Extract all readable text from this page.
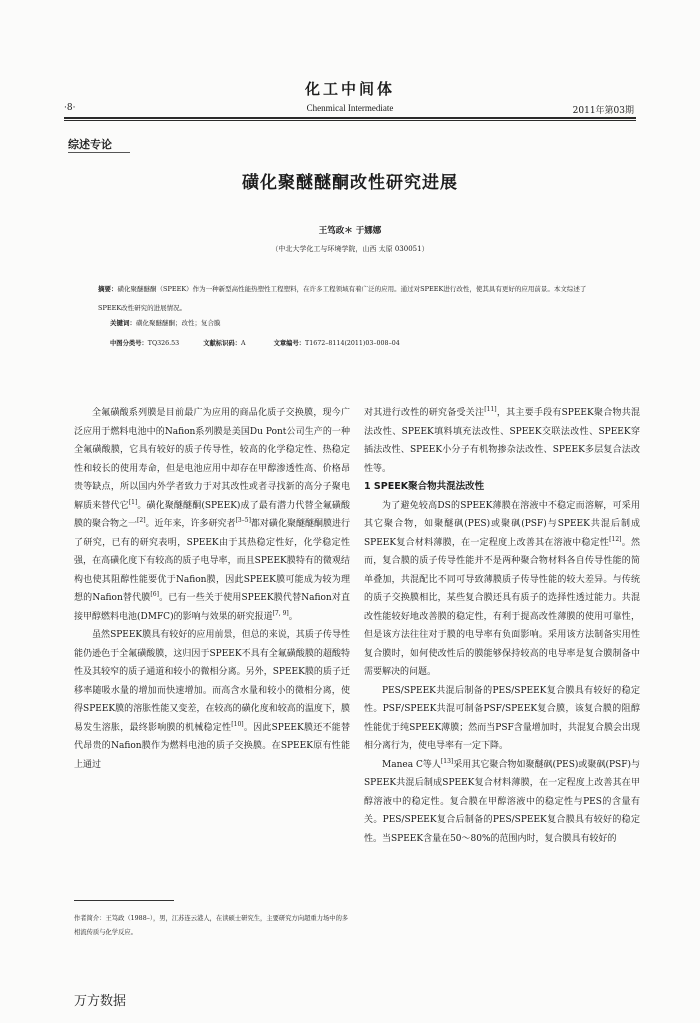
化工中间体
·8·	Chenmical Intermediate	2011年第03期
综述专论
磺化聚醚醚酮改性研究进展
王笃政＊ 于娜娜
（中北大学化工与环境学院，山西 太原 030051）
摘要：磺化聚醚醚酮（SPEEK）作为一种新型高性能热塑性工程塑料，在许多工程领域有着广泛的应用。通过对SPEEK进行改性，使其具有更好的应用前景。本文综述了SPEEK改性研究的进展情况。
关键词：磺化聚醚醚酮；改性；复合膜
中图分类号：TQ326.53	文献标识码：A	文章编号：T1672–8114(2011)03–008–04

全氟磺酸系列膜是目前最广为应用的商品化质子交换膜，现今广泛应用于燃料电池中的Nafion系列膜是美国Du Pont公司生产的一种全氟磺酸膜，它具有较好的质子传导性，较高的化学稳定性、热稳定性和较长的使用寿命，但是电池应用中却存在甲醇渗透性高、价格昂贵等缺点，所以国内外学者致力于对其改性或者寻找新的高分子聚电解质来替代它[1]。磺化聚醚醚酮(SPEEK)成了最有潜力代替全氟磺酸膜的聚合物之一[2]。近年来，许多研究者[3–5]都对磺化聚醚醚酮膜进行了研究，已有的研究表明，SPEEK由于其热稳定性好，化学稳定性强，在高磺化度下有较高的质子电导率，而且SPEEK膜特有的微观结构也使其阻醇性能要优于Nafion膜，因此SPEEK膜可能成为较为理想的Nafion替代膜[6]。已有一些关于使用SPEEK膜代替Nafion对直接甲醇燃料电池(DMFC)的影响与效果的研究报道[7, 9]。

虽然SPEEK膜具有较好的应用前景，但总的来说，其质子传导性能仍逊色于全氟磺酸膜，这归因于SPEEK不具有全氟磺酸膜的超酸特性及其较窄的质子通道和较小的微相分离。另外，SPEEK膜的质子迁移率随吸水量的增加而快速增加。而高含水量和较小的微相分离，使得SPEEK膜的溶胀性能又变差，在较高的磺化度和较高的温度下，膜易发生溶胀，最终影响膜的机械稳定性[10]。因此SPEEK膜还不能替代昂贵的Nafion膜作为燃料电池的质子交换膜。在SPEEK原有性能上通过

对其进行改性的研究备受关注[11]，其主要手段有SPEEK聚合物共混法改性、SPEEK填料填充法改性、SPEEK交联法改性、SPEEK穿插法改性、SPEEK小分子有机物掺杂法改性、SPEEK多层复合法改性等。

1 SPEEK聚合物共混法改性

为了避免较高DS的SPEEK薄膜在溶液中不稳定而溶解，可采用其它聚合物，如聚醚砜(PES)或聚砜(PSF)与SPEEK共混后制成SPEEK复合材料薄膜，在一定程度上改善其在溶液中稳定性[12]。然而，复合膜的质子传导性能并不是两种聚合物材料各自传导性能的简单叠加，共混配比不同可导致薄膜质子传导性能的较大差异。与传统的质子交换膜相比，某些复合膜还具有质子的选择性透过能力。共混改性能较好地改善膜的稳定性，有利于提高改性薄膜的使用可靠性，但是该方法往往对于膜的电导率有负面影响。采用该方法制备实用性复合膜时，如何使改性后的膜能够保持较高的电导率是复合膜制备中需要解决的问题。

PES/SPEEK共混后制备的PES/SPEEK复合膜具有较好的稳定性。PSF/SPEEK共混可制备PSF/SPEEK复合膜，该复合膜的阻醇性能优于纯SPEEK薄膜；然而当PSF含量增加时，共混复合膜会出现相分离行为，使电导率有一定下降。

Manea C等人[13]采用其它聚合物如聚醚砜(PES)或聚砜(PSF)与SPEEK共混后制成SPEEK复合材料薄膜，在一定程度上改善其在甲醇溶液中的稳定性。复合膜在甲醇溶液中的稳定性与PES的含量有关。PES/SPEEK复合后制备的PES/SPEEK复合膜具有较好的稳定性。当SPEEK含量在50～80%的范围内时，复合膜具有较好的

作者简介：王笃政（1988–），男，江苏连云港人，在读硕士研究生，主要研究方向超重力场中的多相流传质与化学反应。
万方数据
